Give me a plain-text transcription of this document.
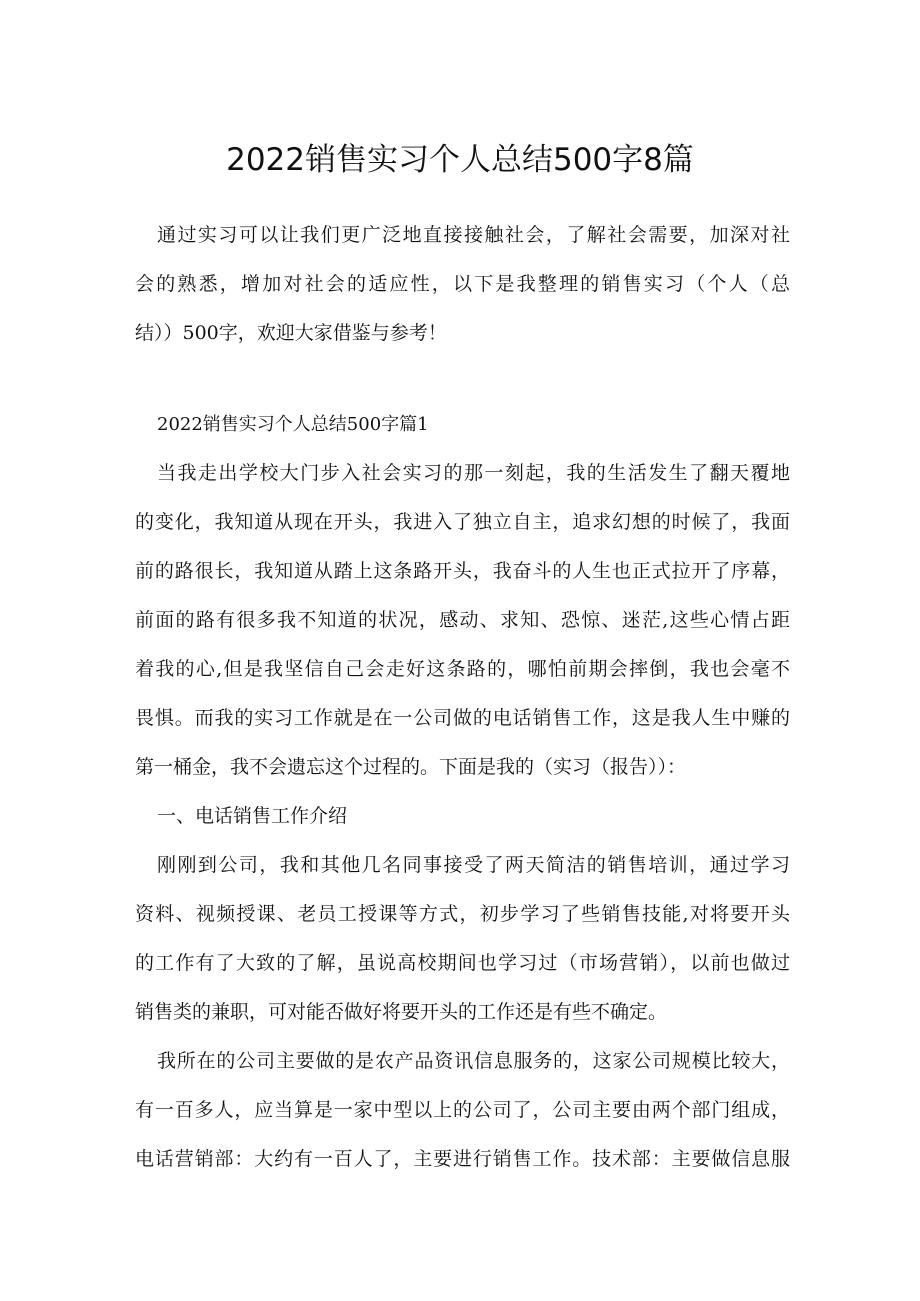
2022销售实习个人总结500字8篇
通过实习可以让我们更广泛地直接接触社会，了解社会需要，加深对社
会的熟悉，增加对社会的适应性，以下是我整理的销售实习（个人（总
结））500字，欢迎大家借鉴与参考！
2022销售实习个人总结500字篇1
当我走出学校大门步入社会实习的那一刻起，我的生活发生了翻天覆地
的变化，我知道从现在开头，我进入了独立自主，追求幻想的时候了，我面
前的路很长，我知道从踏上这条路开头，我奋斗的人生也正式拉开了序幕，
前面的路有很多我不知道的状况，感动、求知、恐惊、迷茫,这些心情占距
着我的心,但是我坚信自己会走好这条路的，哪怕前期会摔倒，我也会毫不
畏惧。而我的实习工作就是在一公司做的电话销售工作，这是我人生中赚的
第一桶金，我不会遗忘这个过程的。下面是我的（实习（报告））：
一、电话销售工作介绍
刚刚到公司，我和其他几名同事接受了两天简洁的销售培训，通过学习
资料、视频授课、老员工授课等方式，初步学习了些销售技能,对将要开头
的工作有了大致的了解，虽说高校期间也学习过（市场营销），以前也做过
销售类的兼职，可对能否做好将要开头的工作还是有些不确定。
我所在的公司主要做的是农产品资讯信息服务的，这家公司规模比较大，
有一百多人，应当算是一家中型以上的公司了，公司主要由两个部门组成，
电话营销部：大约有一百人了，主要进行销售工作。技术部：主要做信息服
